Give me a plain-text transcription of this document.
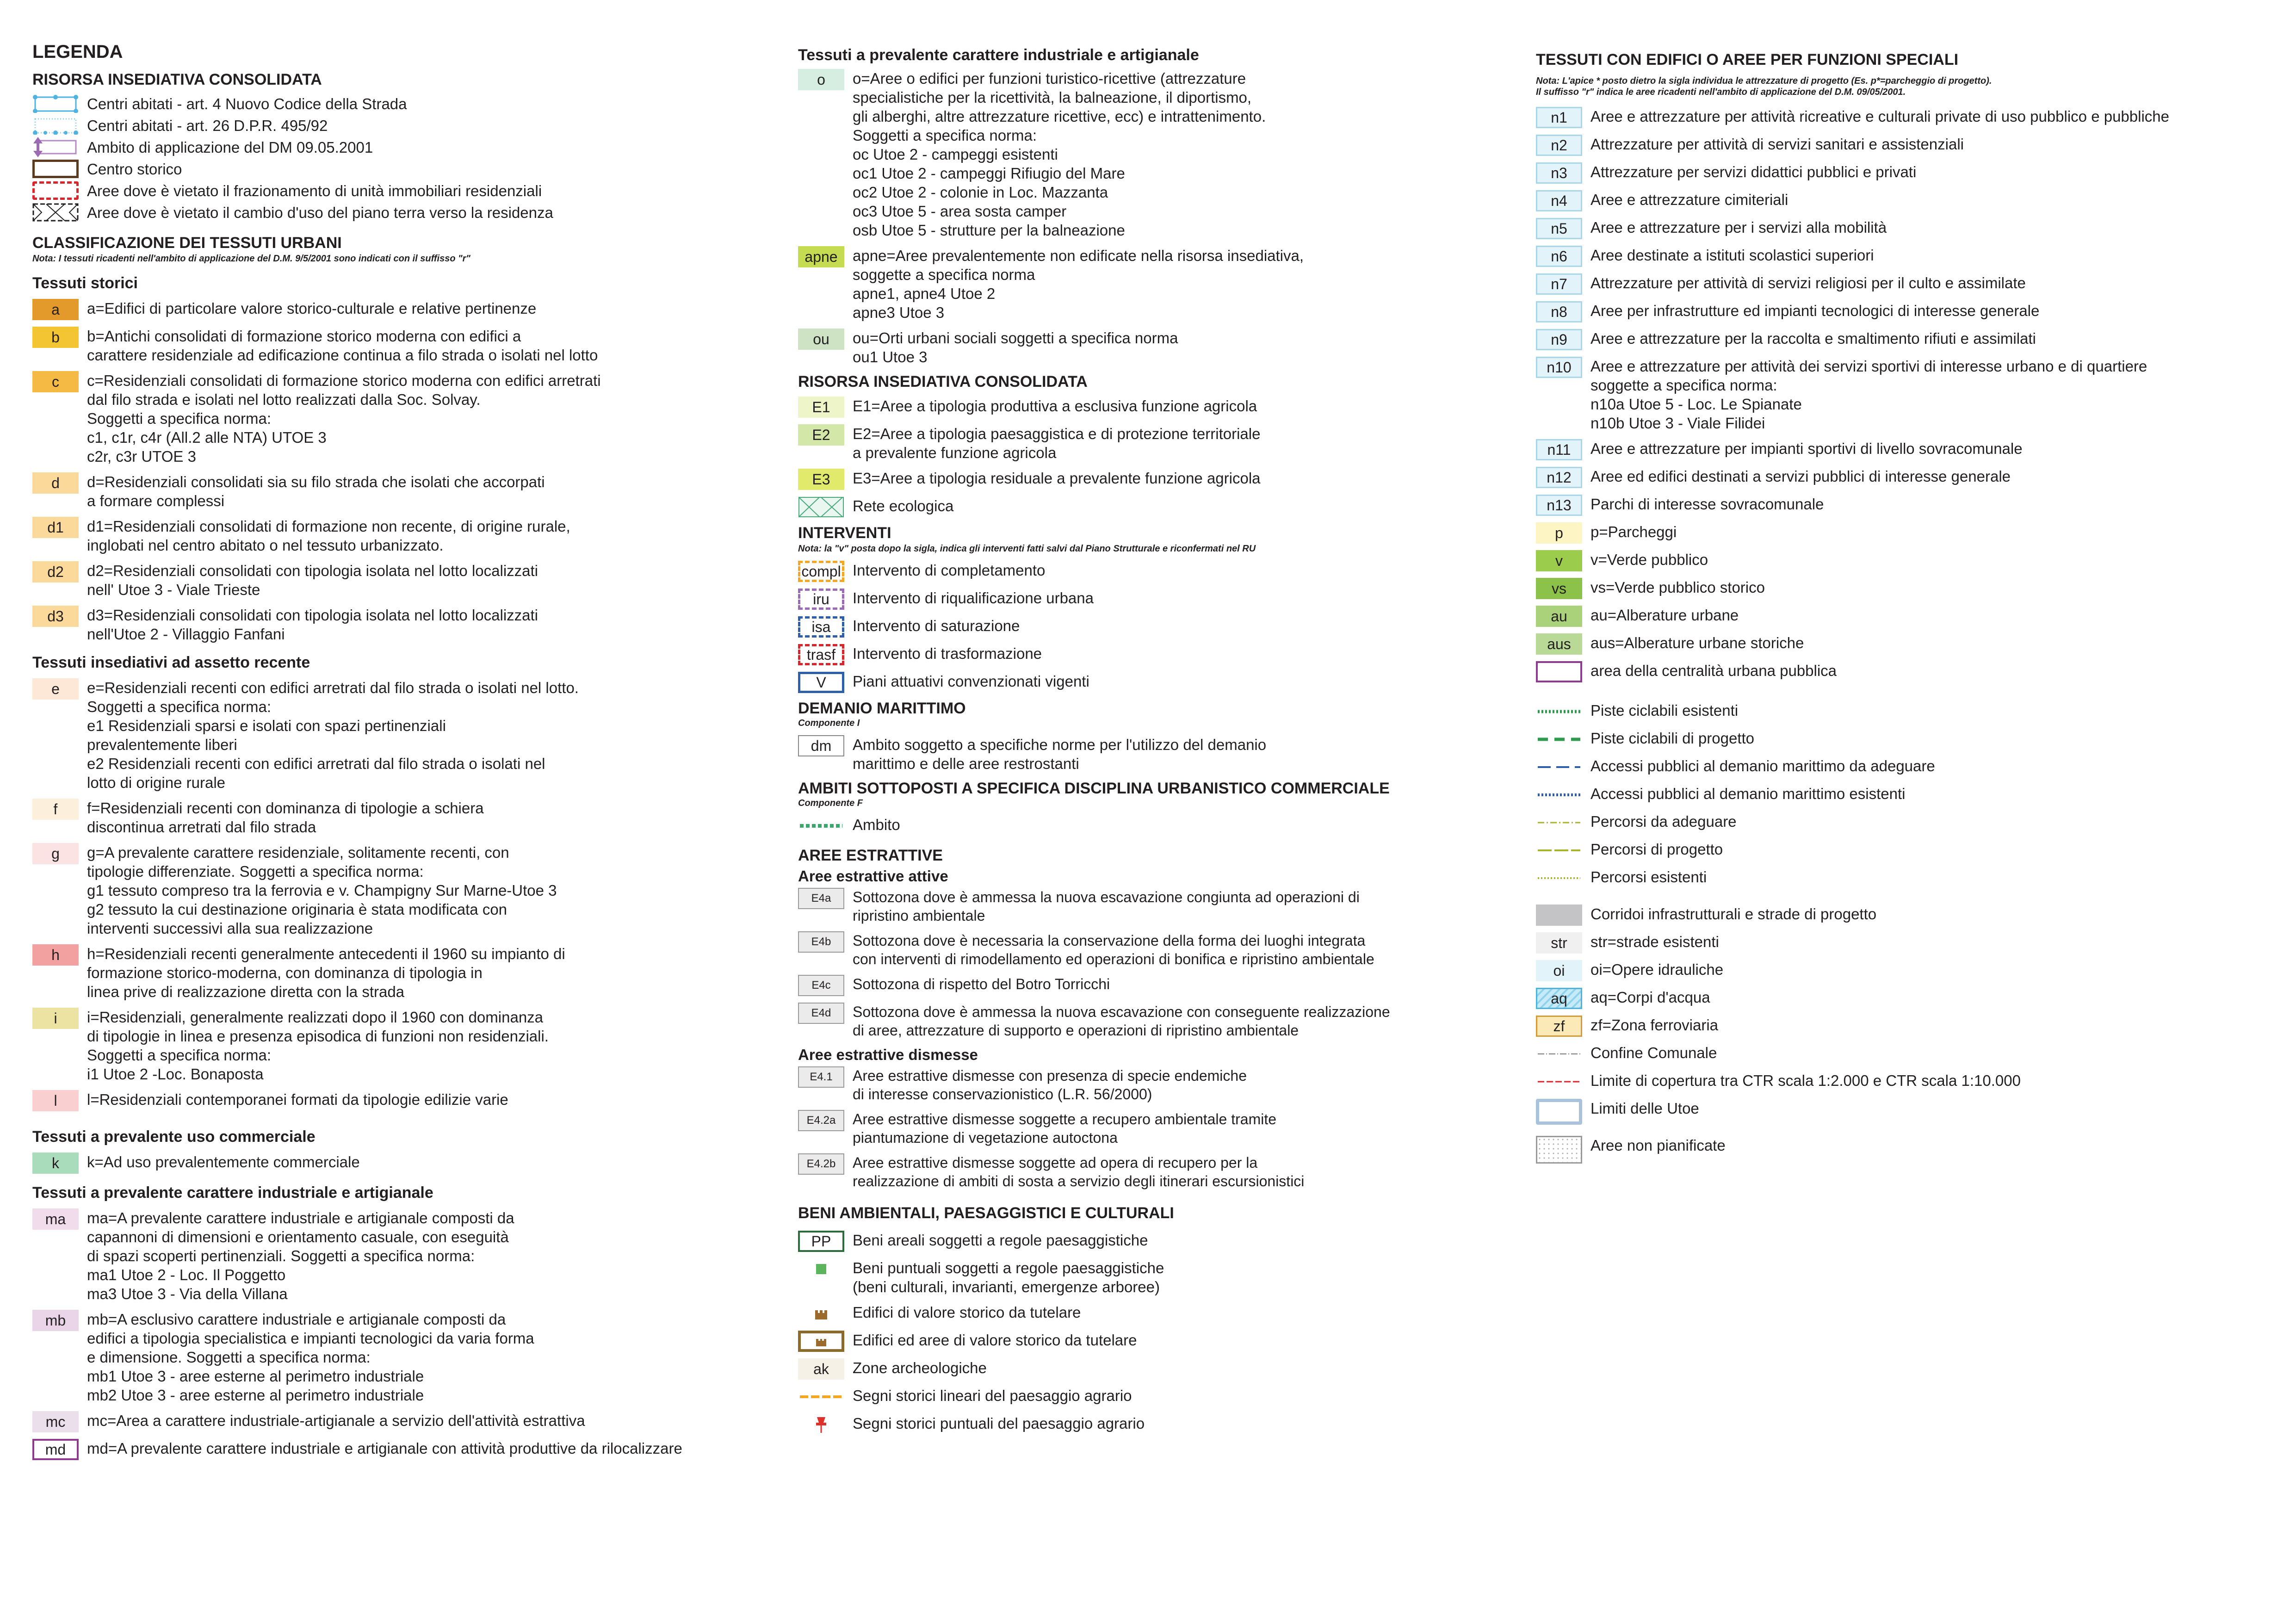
LEGENDA
RISORSA INSEDIATIVA CONSOLIDATA
Centri abitati - art. 4 Nuovo Codice della Strada
Centri abitati - art. 26 D.P.R. 495/92
Ambito di applicazione del DM 09.05.2001
Centro storico
Aree dove è vietato il frazionamento di unità immobiliari residenziali
Aree dove è vietato il cambio d'uso del piano terra verso la residenza
CLASSIFICAZIONE DEI TESSUTI URBANI
Nota: I tessuti ricadenti nell'ambito di applicazione del D.M. 9/5/2001 sono indicati con il suffisso "r"
Tessuti storici
a	a=Edifici di particolare valore storico-culturale e relative pertinenze
b	b=Antichi consolidati di formazione storico moderna con edifici a
carattere residenziale ad edificazione continua a filo strada o isolati nel lotto
c	c=Residenziali consolidati di formazione storico moderna con edifici arretrati
dal filo strada e isolati nel lotto realizzati dalla Soc. Solvay.
Soggetti a specifica norma:
c1, c1r, c4r (All.2 alle NTA) UTOE 3
c2r, c3r UTOE 3
d	d=Residenziali consolidati sia su filo strada che isolati che accorpati
a formare complessi
d1	d1=Residenziali consolidati di formazione non recente, di origine rurale,
inglobati nel centro abitato o nel tessuto urbanizzato.
d2	d2=Residenziali consolidati con tipologia isolata nel lotto localizzati
nell' Utoe 3 - Viale Trieste
d3	d3=Residenziali consolidati con tipologia isolata nel lotto localizzati
nell'Utoe 2 - Villaggio Fanfani
Tessuti insediativi ad assetto recente
e	e=Residenziali recenti con edifici arretrati dal filo strada o isolati nel lotto.
Soggetti a specifica norma:
e1 Residenziali sparsi e isolati con spazi pertinenziali
prevalentemente liberi
e2 Residenziali recenti con edifici arretrati dal filo strada o isolati nel
lotto di origine rurale
f	f=Residenziali recenti con dominanza di tipologie a schiera
discontinua arretrati dal filo strada
g	g=A prevalente carattere residenziale, solitamente recenti, con
tipologie differenziate. Soggetti a specifica norma:
g1 tessuto compreso tra la ferrovia e v. Champigny Sur Marne-Utoe 3
g2 tessuto la cui destinazione originaria è stata modificata con
interventi successivi alla sua realizzazione
h	h=Residenziali recenti generalmente antecedenti il 1960 su impianto di
formazione storico-moderna, con dominanza di tipologia in
linea prive di realizzazione diretta con la strada
i	i=Residenziali, generalmente realizzati dopo il 1960 con dominanza
di tipologie in linea e presenza episodica di funzioni non residenziali.
Soggetti a specifica norma:
i1 Utoe 2 -Loc. Bonaposta
l	l=Residenziali contemporanei formati da tipologie edilizie varie
Tessuti a prevalente uso commerciale
k	k=Ad uso prevalentemente commerciale
Tessuti a prevalente carattere industriale e artigianale
ma	ma=A prevalente carattere industriale e artigianale composti da
capannoni di dimensioni e orientamento casuale, con eseguità
di spazi scoperti pertinenziali. Soggetti a specifica norma:
ma1 Utoe 2 - Loc. Il Poggetto
ma3 Utoe 3 - Via della Villana
mb	mb=A esclusivo carattere industriale e artigianale composti da
edifici a tipologia specialistica e impianti tecnologici da varia forma
e dimensione. Soggetti a specifica norma:
mb1 Utoe 3 - aree esterne al perimetro industriale
mb2 Utoe 3 - aree esterne al perimetro industriale
mc	mc=Area a carattere industriale-artigianale a servizio dell'attività estrattiva
md	md=A prevalente carattere industriale e artigianale con attività produttive da rilocalizzare
Tessuti a prevalente carattere industriale e artigianale
o	o=Aree o edifici per funzioni turistico-ricettive (attrezzature
specialistiche per la ricettività, la balneazione, il diportismo,
gli alberghi, altre attrezzature ricettive, ecc) e intrattenimento.
Soggetti a specifica norma:
oc Utoe 2 - campeggi esistenti
oc1 Utoe 2 - campeggi Rifiugio del Mare
oc2 Utoe 2 - colonie in Loc. Mazzanta
oc3 Utoe 5 - area sosta camper
osb Utoe 5 - strutture per la balneazione
apne apne=Aree prevalentemente non edificate nella risorsa insediativa,
soggette a specifica norma
apne1, apne4 Utoe 2
apne3 Utoe 3
ou	ou=Orti urbani sociali soggetti a specifica norma
ou1 Utoe 3
RISORSA INSEDIATIVA CONSOLIDATA
E1	E1=Aree a tipologia produttiva a esclusiva funzione agricola
E2	E2=Aree a tipologia paesaggistica e di protezione territoriale
a prevalente funzione agricola
E3	E3=Aree a tipologia residuale a prevalente funzione agricola
Rete ecologica
INTERVENTI
Nota: la "v" posta dopo la sigla, indica gli interventi fatti salvi dal Piano Strutturale e riconfermati nel RU
compl Intervento di completamento
iru	Intervento di riqualificazione urbana
isa	Intervento di saturazione
trasf	Intervento di trasformazione
V	Piani attuativi convenzionati vigenti
DEMANIO MARITTIMO
Componente I
dm	Ambito soggetto a specifiche norme per l'utilizzo del demanio
marittimo e delle aree restrostanti
AMBITI SOTTOPOSTI A SPECIFICA DISCIPLINA URBANISTICO COMMERCIALE
Componente F
Ambito
AREE ESTRATTIVE
Aree estrattive attive
E4a	Sottozona dove è ammessa la nuova escavazione congiunta ad operazioni di
ripristino ambientale
E4b	Sottozona dove è necessaria la conservazione della forma dei luoghi integrata
con interventi di rimodellamento ed operazioni di bonifica e ripristino ambientale
E4c	Sottozona di rispetto del Botro Torricchi
E4d	Sottozona dove è ammessa la nuova escavazione con conseguente realizzazione
di aree, attrezzature di supporto e operazioni di ripristino ambientale
Aree estrattive dismesse
E4.1	Aree estrattive dismesse con presenza di specie endemiche
di interesse conservazionistico (L.R. 56/2000)
E4.2a	Aree estrattive dismesse soggette a recupero ambientale tramite
piantumazione di vegetazione autoctona
E4.2b	Aree estrattive dismesse soggette ad opera di recupero per la
realizzazione di ambiti di sosta a servizio degli itinerari escursionistici
BENI AMBIENTALI, PAESAGGISTICI E CULTURALI
PP	Beni areali soggetti a regole paesaggistiche
Beni puntuali soggetti a regole paesaggistiche
(beni culturali, invarianti, emergenze arboree)
Edifici di valore storico da tutelare
Edifici ed aree di valore storico da tutelare
ak	Zone archeologiche
Segni storici lineari del paesaggio agrario
Segni storici puntuali del paesaggio agrario
TESSUTI CON EDIFICI O AREE PER FUNZIONI SPECIALI
Nota: L'apice * posto dietro la sigla individua le attrezzature di progetto (Es. p*=parcheggio di progetto).
Il suffisso "r" indica le aree ricadenti nell'ambito di applicazione del D.M. 09/05/2001.
n1	Aree e attrezzature per attività ricreative e culturali private di uso pubblico e pubbliche
n2	Attrezzature per attività di servizi sanitari e assistenziali
n3	Attrezzature per servizi didattici pubblici e privati
n4	Aree e attrezzature cimiteriali
n5	Aree e attrezzature per i servizi alla mobilità
n6	Aree destinate a istituti scolastici superiori
n7	Attrezzature per attività di servizi religiosi per il culto e assimilate
n8	Aree per infrastrutture ed impianti tecnologici di interesse generale
n9	Aree e attrezzature per la raccolta e smaltimento rifiuti e assimilati
n10	Aree e attrezzature per attività dei servizi sportivi di interesse urbano e di quartiere
soggette a specifica norma:
n10a Utoe 5 - Loc. Le Spianate
n10b Utoe 3 - Viale Filidei
n11	Aree e attrezzature per impianti sportivi di livello sovracomunale
n12	Aree ed edifici destinati a servizi pubblici di interesse generale
n13	Parchi di interesse sovracomunale
p	p=Parcheggi
v	v=Verde pubblico
vs	vs=Verde pubblico storico
au	au=Alberature urbane
aus	aus=Alberature urbane storiche
area della centralità urbana pubblica
Piste ciclabili esistenti
Piste ciclabili di progetto
Accessi pubblici al demanio marittimo da adeguare
Accessi pubblici al demanio marittimo esistenti
Percorsi da adeguare
Percorsi di progetto
Percorsi esistenti
Corridoi infrastrutturali e strade di progetto
str	str=strade esistenti
oi	oi=Opere idrauliche
aq	aq=Corpi d'acqua
zf	zf=Zona ferroviaria
Confine Comunale
Limite di copertura tra CTR scala 1:2.000 e CTR scala 1:10.000
Limiti delle Utoe
Aree non pianificate
